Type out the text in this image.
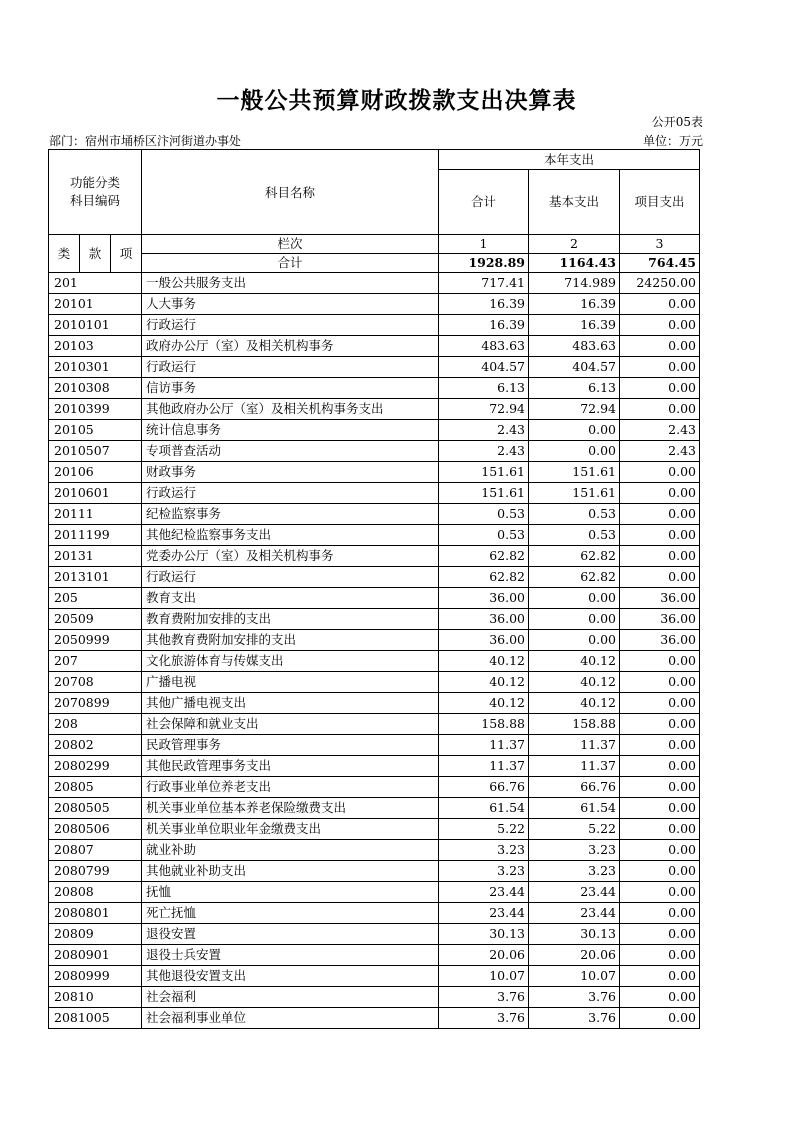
一般公共预算财政拨款支出决算表
公开05表
部门：宿州市埇桥区汴河街道办事处	单位：万元
功能分类
科目编码			科目名称	本年支出		
				合计	基本支出	项目支出
类	款	项	栏次	1	2	3
			合计	1928.89	1164.43	764.45
201			一般公共服务支出	717.41	714.989	24250.00
20101			人大事务	16.39	16.39	0.00
2010101			行政运行	16.39	16.39	0.00
20103			政府办公厅（室）及相关机构事务	483.63	483.63	0.00
2010301			行政运行	404.57	404.57	0.00
2010308			信访事务	6.13	6.13	0.00
2010399			其他政府办公厅（室）及相关机构事务支出	72.94	72.94	0.00
20105			统计信息事务	2.43	0.00	2.43
2010507			专项普查活动	2.43	0.00	2.43
20106			财政事务	151.61	151.61	0.00
2010601			行政运行	151.61	151.61	0.00
20111			纪检监察事务	0.53	0.53	0.00
2011199			其他纪检监察事务支出	0.53	0.53	0.00
20131			党委办公厅（室）及相关机构事务	62.82	62.82	0.00
2013101			行政运行	62.82	62.82	0.00
205			教育支出	36.00	0.00	36.00
20509			教育费附加安排的支出	36.00	0.00	36.00
2050999			其他教育费附加安排的支出	36.00	0.00	36.00
207			文化旅游体育与传媒支出	40.12	40.12	0.00
20708			广播电视	40.12	40.12	0.00
2070899			其他广播电视支出	40.12	40.12	0.00
208			社会保障和就业支出	158.88	158.88	0.00
20802			民政管理事务	11.37	11.37	0.00
2080299			其他民政管理事务支出	11.37	11.37	0.00
20805			行政事业单位养老支出	66.76	66.76	0.00
2080505			机关事业单位基本养老保险缴费支出	61.54	61.54	0.00
2080506			机关事业单位职业年金缴费支出	5.22	5.22	0.00
20807			就业补助	3.23	3.23	0.00
2080799			其他就业补助支出	3.23	3.23	0.00
20808			抚恤	23.44	23.44	0.00
2080801			死亡抚恤	23.44	23.44	0.00
20809			退役安置	30.13	30.13	0.00
2080901			退役士兵安置	20.06	20.06	0.00
2080999			其他退役安置支出	10.07	10.07	0.00
20810			社会福利	3.76	3.76	0.00
2081005			社会福利事业单位	3.76	3.76	0.00
